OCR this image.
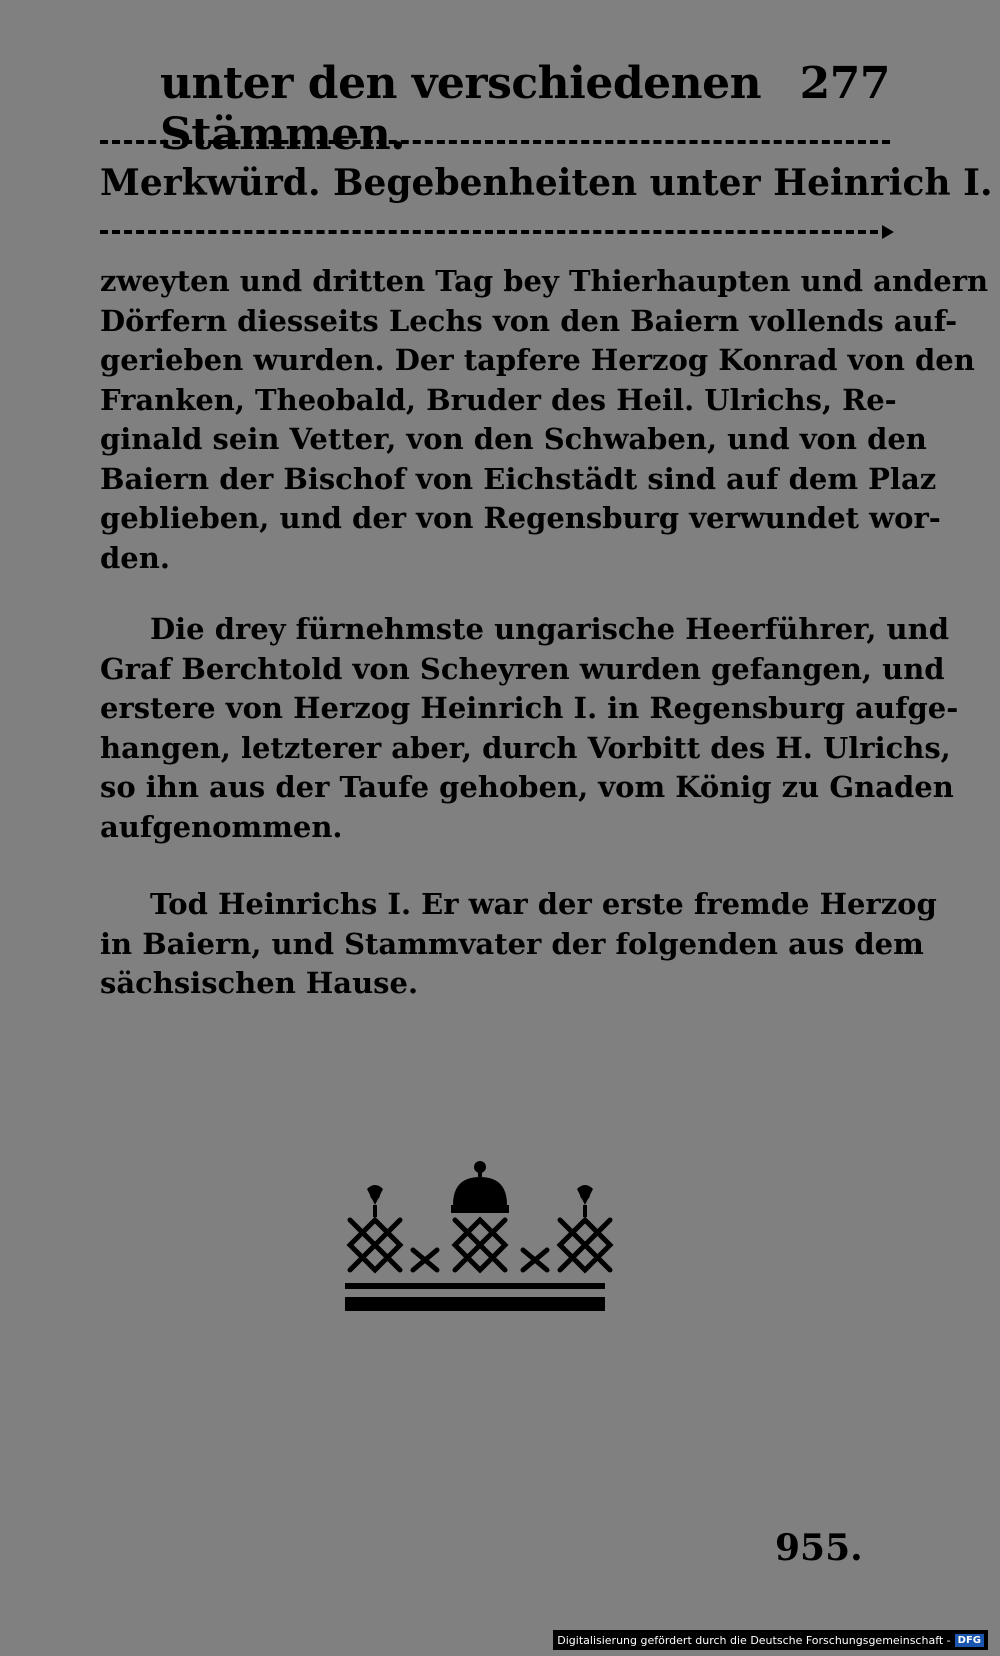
unter den verschiedenen Stämmen.
277
Merkwürd. Begebenheiten unter Heinrich I.
zweyten und dritten Tag bey Thierhaupten und andern
Dörfern diesseits Lechs von den Baiern vollends auf-
gerieben wurden. Der tapfere Herzog Konrad von den
Franken, Theobald, Bruder des Heil. Ulrichs, Re-
ginald sein Vetter, von den Schwaben, und von den
Baiern der Bischof von Eichstädt sind auf dem Plaz
geblieben, und der von Regensburg verwundet wor-
den.
Die drey fürnehmste ungarische Heerführer, und
Graf Berchtold von Scheyren wurden gefangen, und
erstere von Herzog Heinrich I. in Regensburg aufge-
hangen, letzterer aber, durch Vorbitt des H. Ulrichs,
so ihn aus der Taufe gehoben, vom König zu Gnaden
aufgenommen.
Tod Heinrichs I. Er war der erste fremde Herzog
in Baiern, und Stammvater der folgenden aus dem
sächsischen Hause.
955.
Digitalisierung gefördert durch die Deutsche Forschungsgemeinschaft - DFG
